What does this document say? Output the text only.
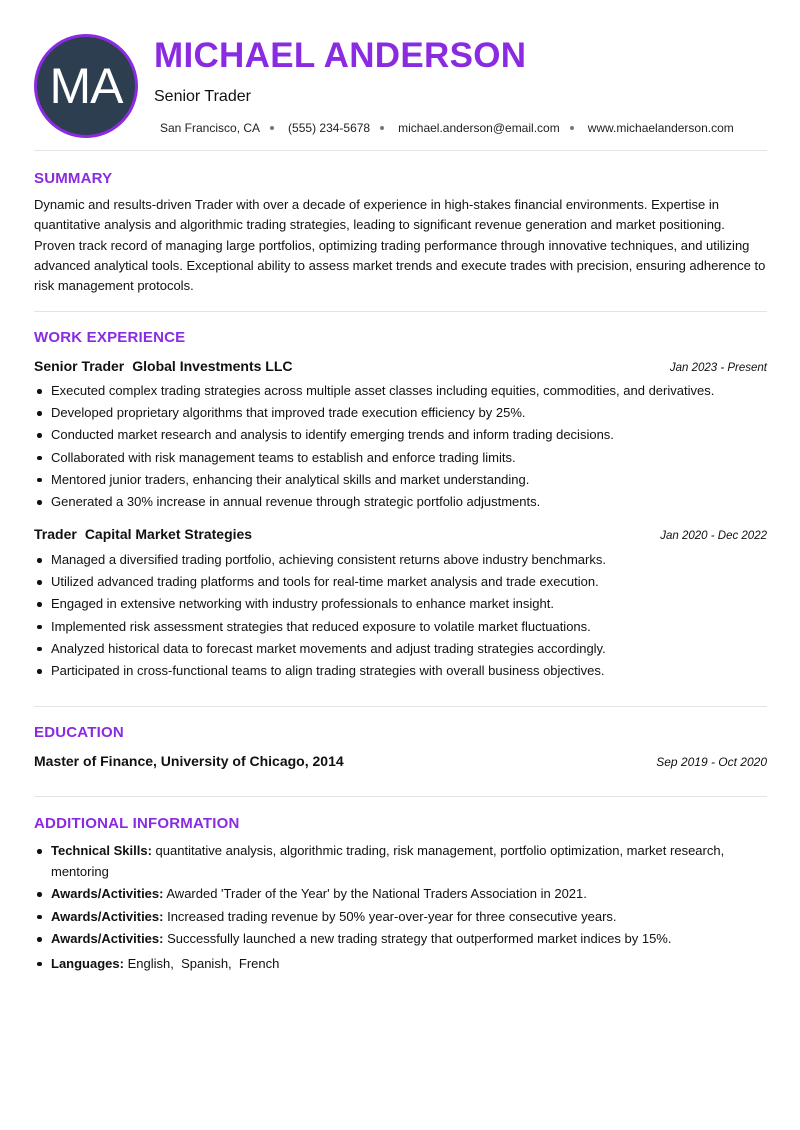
MA
MICHAEL ANDERSON
Senior Trader
San Francisco, CA (555) 234-5678 michael.anderson@email.com www.michaelanderson.com
SUMMARY

Dynamic and results-driven Trader with over a decade of experience in high-stakes financial environments. Expertise in quantitative analysis and algorithmic trading strategies, leading to significant revenue generation and market positioning. Proven track record of managing large portfolios, optimizing trading performance through innovative techniques, and utilizing advanced analytical tools. Exceptional ability to assess market trends and execute trades with precision, ensuring adherence to risk management protocols.

WORK EXPERIENCE
Senior Trader Global Investments LLC	Jan 2023 - Present
Executed complex trading strategies across multiple asset classes including equities, commodities, and derivatives.
Developed proprietary algorithms that improved trade execution efficiency by 25%.
Conducted market research and analysis to identify emerging trends and inform trading decisions.
Collaborated with risk management teams to establish and enforce trading limits.
Mentored junior traders, enhancing their analytical skills and market understanding.
Generated a 30% increase in annual revenue through strategic portfolio adjustments.
Trader Capital Market Strategies	Jan 2020 - Dec 2022
Managed a diversified trading portfolio, achieving consistent returns above industry benchmarks.
Utilized advanced trading platforms and tools for real-time market analysis and trade execution.
Engaged in extensive networking with industry professionals to enhance market insight.
Implemented risk assessment strategies that reduced exposure to volatile market fluctuations.
Analyzed historical data to forecast market movements and adjust trading strategies accordingly.
Participated in cross-functional teams to align trading strategies with overall business objectives.
EDUCATION
Master of Finance, University of Chicago, 2014	Sep 2019 - Oct 2020
ADDITIONAL INFORMATION
Technical Skills: quantitative analysis, algorithmic trading, risk management, portfolio optimization, market research, mentoring
Awards/Activities: Awarded 'Trader of the Year' by the National Traders Association in 2021.
Awards/Activities: Increased trading revenue by 50% year-over-year for three consecutive years.
Awards/Activities: Successfully launched a new trading strategy that outperformed market indices by 15%.
Languages: English,  Spanish,  French
